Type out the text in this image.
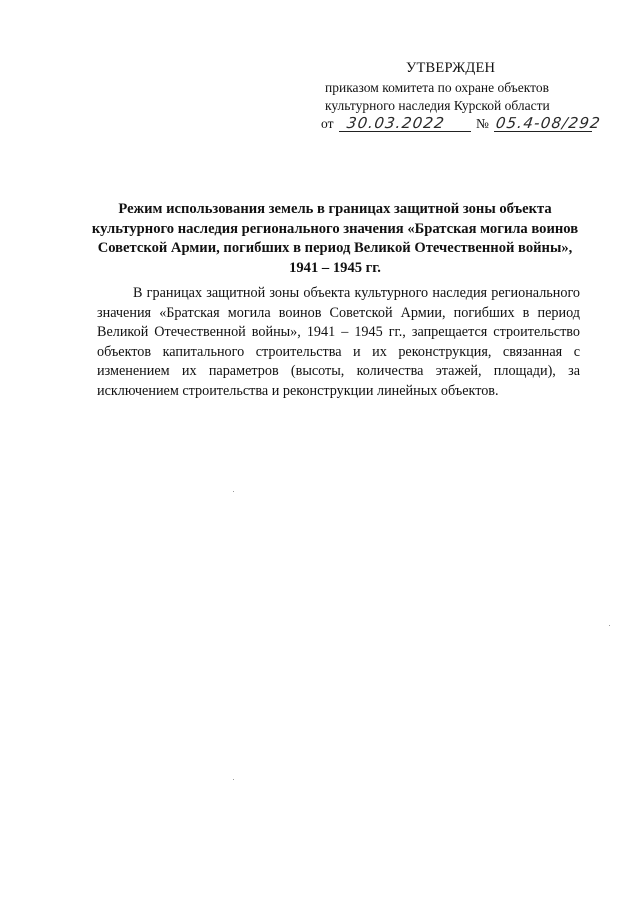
УТВЕРЖДЕН
приказом комитета по охране объектов
культурного наследия Курской области
от 30.03.2022 № 05.4-08/292
Режим использования земель в границах защитной зоны объекта культурного наследия регионального значения «Братская могила воинов Советской Армии, погибших в период Великой Отечественной войны», 1941 – 1945 гг.

В границах защитной зоны объекта культурного наследия регионального значения «Братская могила воинов Советской Армии, погибших в период Великой Отечественной войны», 1941 – 1945 гг., запрещается строительство объектов капитального строительства и их реконструкция, связанная с изменением их параметров (высоты, количества этажей, площади), за исключением строительства и реконструкции линейных объектов.
